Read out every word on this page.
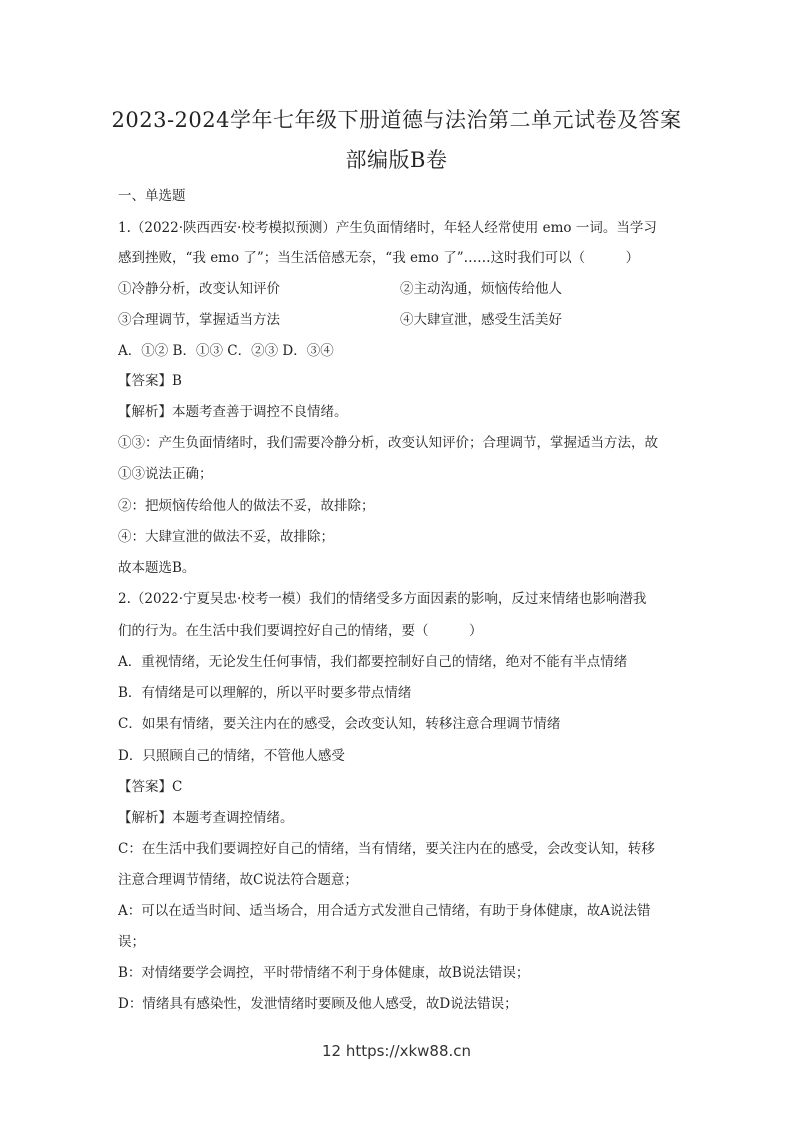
2023-2024学年七年级下册道德与法治第二单元试卷及答案
部编版B卷
一、单选题
1.（2022·陕西西安·校考模拟预测）产生负面情绪时，年轻人经常使用 emo 一词。当学习
感到挫败，“我 emo 了”；当生活倍感无奈，“我 emo 了”……这时我们可以（　　　）
①冷静分析，改变认知评价	②主动沟通，烦恼传给他人
③合理调节，掌握适当方法	④大肆宣泄，感受生活美好
A．①② B．①③ C．②③ D．③④
【答案】B
【解析】本题考查善于调控不良情绪。
①③：产生负面情绪时，我们需要冷静分析，改变认知评价；合理调节，掌握适当方法，故
①③说法正确；
②：把烦恼传给他人的做法不妥，故排除；
④：大肆宣泄的做法不妥，故排除；
故本题选B。
2.（2022·宁夏吴忠·校考一模）我们的情绪受多方面因素的影响，反过来情绪也影响潜我
们的行为。在生活中我们要调控好自己的情绪，要（　　　）
A．重视情绪，无论发生任何事情，我们都要控制好自己的情绪，绝对不能有半点情绪
B．有情绪是可以理解的，所以平时要多带点情绪
C．如果有情绪，要关注内在的感受，会改变认知，转移注意合理调节情绪
D．只照顾自己的情绪，不管他人感受
【答案】C
【解析】本题考查调控情绪。
C：在生活中我们要调控好自己的情绪，当有情绪，要关注内在的感受，会改变认知，转移
注意合理调节情绪，故C说法符合题意；
A：可以在适当时间、适当场合，用合适方式发泄自己情绪，有助于身体健康，故A说法错
误；
B：对情绪要学会调控，平时带情绪不利于身体健康，故B说法错误；
D：情绪具有感染性，发泄情绪时要顾及他人感受，故D说法错误；
12 https://xkw88.cn
